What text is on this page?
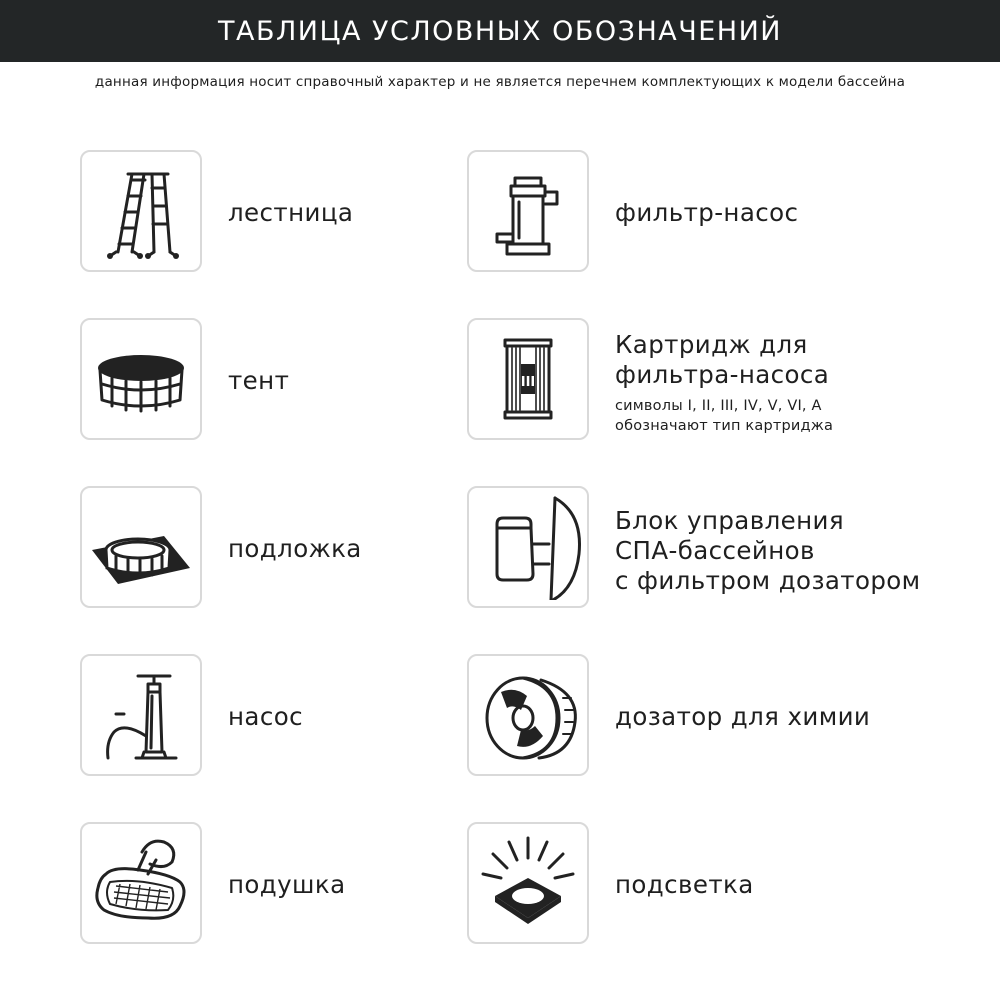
ТАБЛИЦА УСЛОВНЫХ ОБОЗНАЧЕНИЙ
данная информация носит справочный характер и не является перечнем комплектующих к модели бассейна
лестница	фильтр-насос
тент	III
Картридж для
фильтра-насоса
символы I, II, III, IV, V, VI, A
обозначают тип картриджа
подложка
Блок управления
СПА-бассейнов
с фильтром дозатором
насос	дозатор для химии
подушка	подсветка
